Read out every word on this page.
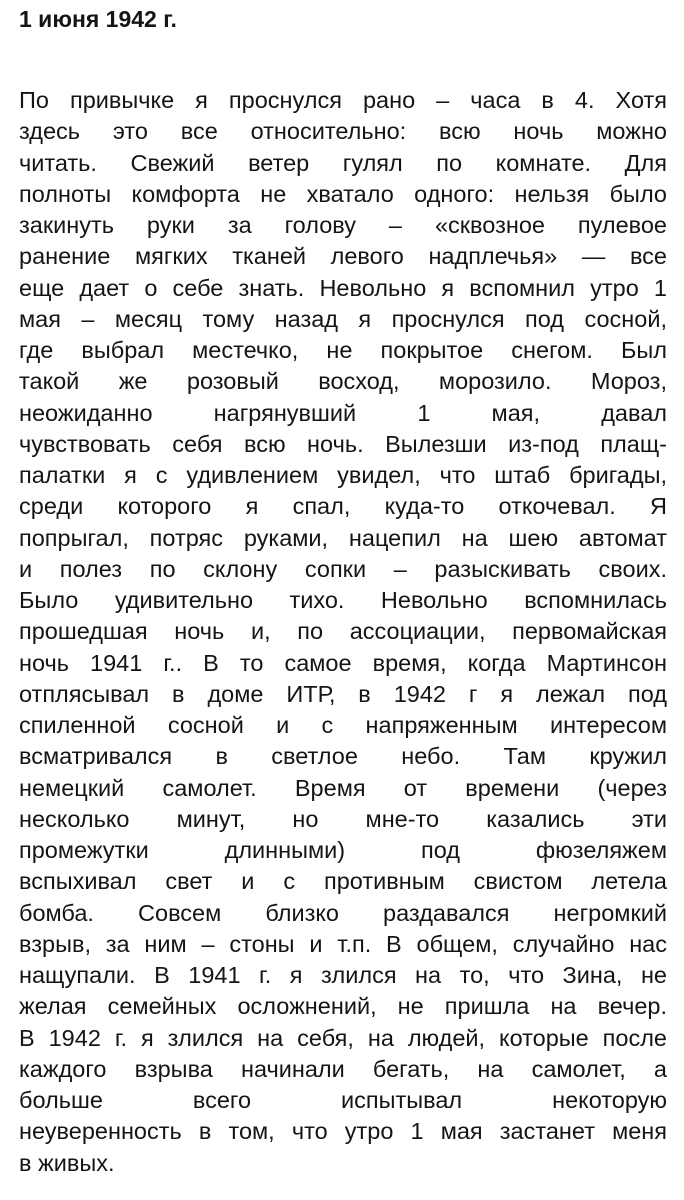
1 июня 1942 г.
По привычке я проснулся рано – часа в 4. Хотя
здесь это все относительно: всю ночь можно
читать. Свежий ветер гулял по комнате. Для
полноты комфорта не хватало одного: нельзя было
закинуть руки за голову – «сквозное пулевое
ранение мягких тканей левого надплечья» — все
еще дает о себе знать. Невольно я вспомнил утро 1
мая – месяц тому назад я проснулся под сосной,
где выбрал местечко, не покрытое снегом. Был
такой же розовый восход, морозило. Мороз,
неожиданно нагрянувший 1 мая, давал
чувствовать себя всю ночь. Вылезши из-под плащ-
палатки я с удивлением увидел, что штаб бригады,
среди которого я спал, куда-то откочевал. Я
попрыгал, потряс руками, нацепил на шею автомат
и полез по склону сопки – разыскивать своих.
Было удивительно тихо. Невольно вспомнилась
прошедшая ночь и, по ассоциации, первомайская
ночь 1941 г.. В то самое время, когда Мартинсон
отплясывал в доме ИТР, в 1942 г я лежал под
спиленной сосной и с напряженным интересом
всматривался в светлое небо. Там кружил
немецкий самолет. Время от времени (через
несколько минут, но мне-то казались эти
промежутки длинными) под фюзеляжем
вспыхивал свет и с противным свистом летела
бомба. Совсем близко раздавался негромкий
взрыв, за ним – стоны и т.п. В общем, случайно нас
нащупали. В 1941 г. я злился на то, что Зина, не
желая семейных осложнений, не пришла на вечер.
В 1942 г. я злился на себя, на людей, которые после
каждого взрыва начинали бегать, на самолет, а
больше всего испытывал некоторую
неуверенность в том, что утро 1 мая застанет меня
в живых.
